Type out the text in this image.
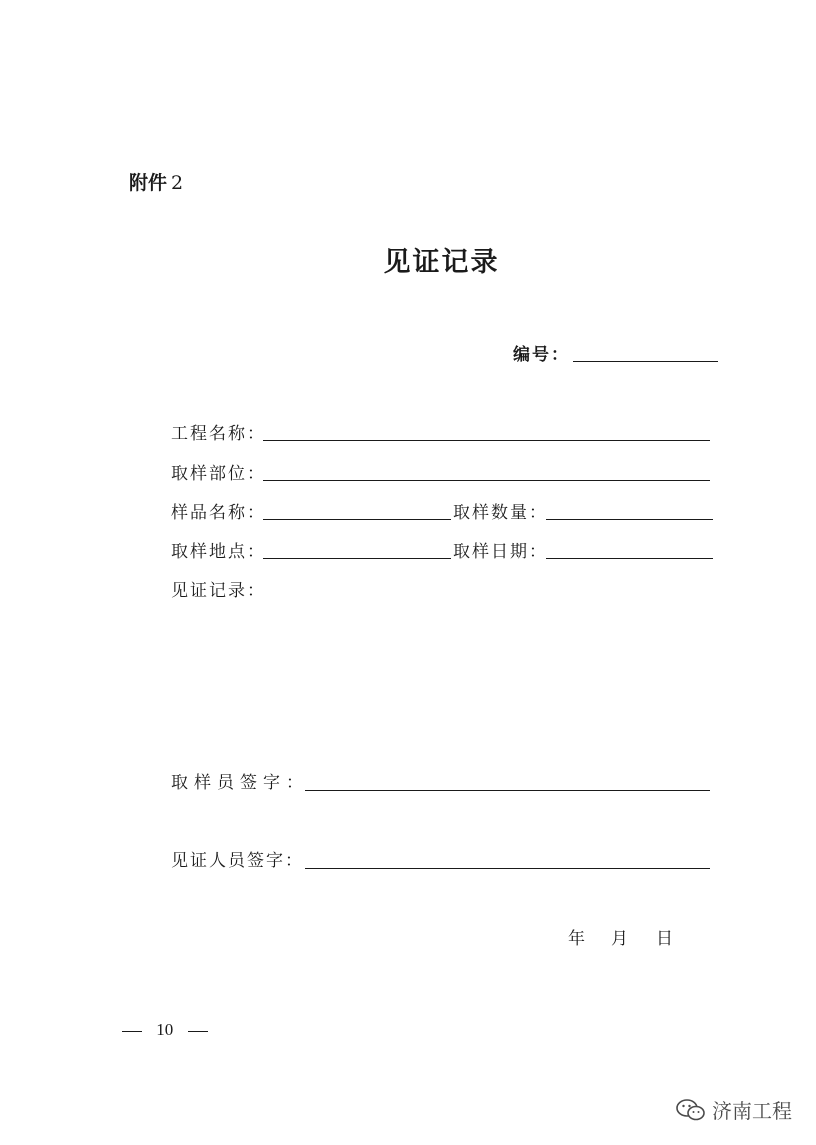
附件 2
见证记录
编号：
工程名称：
取样部位：
样品名称：	取样数量：
取样地点：	取样日期：
见证记录：
取样员签字：
见证人员签字：
年 月 日
10
济南工程
